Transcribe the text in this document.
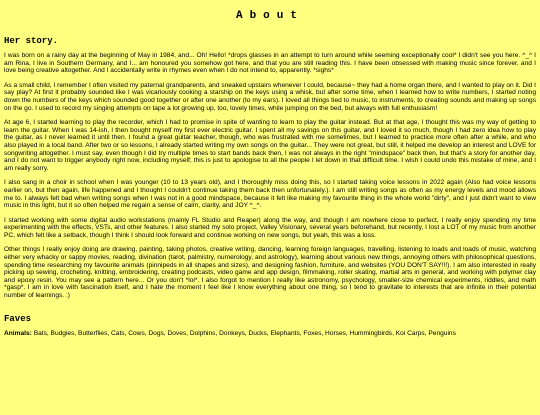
About
Her story.

I was born on a rainy day at the beginning of May in 1984, and... Oh! Hello! *drops glasses in an attempt to turn around while seeming exceptionally cool* I didn't see you here. ^_^ I am Rina, I live in Southern Germany, and I... am honoured you somehow got here, and that you are still reading this. I have been obsessed with making music since forever, and I love being creative altogether. And I accidentally write in rhymes even when I do not intend to, apparently. *sighs*

As a small child, I remember I often visited my paternal grandparents, and sneaked upstairs whenever I could, because~ they had a home organ there, and I wanted to play on it. Did I say play? At first it probably sounded like I was vicariously cooking a starship on the keys using a whisk, but after some time, when I learned how to write numbers, I started noting down the numbers of the keys which sounded good together or after one another (to my ears). I loved all things tied to music, to instruments, to creating sounds and making up songs on the go. I used to record my singing attempts on tape a lot growing up, too, lovely times, while jumping on the bed, but always with full enthusiasm!

At age 6, I started learning to play the recorder, which I had to promise in spite of wanting to learn to play the guitar instead. But at that age, I thought this was my way of getting to learn the guitar. When I was 14-ish, I then bought myself my first ever electric guitar. I spent all my savings on this guitar, and I loved it so much, though I had zero idea how to play the guitar, as I never learned it until then. I found a great guitar teacher, though, who was frustrated with me sometimes, but I learned to practice more often after a while, and who also played in a local band. After two or so lessons, I already started writing my own songs on the guitar... They were not great, but still, it helped me develop an interest and LOVE for songwriting altogether. I must say, even though I did try multiple times to start bands back then, I was not always in the right "mindspace" back then, but that's a story for another day, and I do not want to trigger anybody right now, including myself; this is just to apologise to all the people I let down in that difficult time. I wish I could undo this mistake of mine, and I am really sorry.

I also sang in a choir in school when I was younger (10 to 13 years old), and I thoroughly miss doing this, so I started taking voice lessons in 2022 again (Also had voice lessons earlier on, but then again, life happened and I thought I couldn't continue taking them back then unfortunately.). I am still writing songs as often as my energy levels and mood allows me to. I always felt bad when writing songs when I was not in a good mindspace, because it felt like making my favourite thing in the whole world "dirty", and I just didn't want to view music in this light, but it so often helped me regain a sense of calm, clarity, and JOY ^_^.

I started working with some digital audio workstations (mainly FL Studio and Reaper) along the way, and though I am nowhere close to perfect, I really enjoy spending my time experimenting with the effects, VSTs, and other features. I also started my solo project, Valley Visionary, several years beforehand, but recently, I lost a LOT of my music from another PC, which felt like a setback, though I think I should look forward and continue working on new songs, but yeah, this was a loss.

Other things I really enjoy doing are drawing, painting, taking photos, creative writing, dancing, learning foreign languages, travelling, listening to loads and loads of music, watching either very whacky or sappy movies, reading, divination (tarot, palmistry, numerology, and astrology), learning about various new things, annoying others with philosophical questions, spending time researching my favourite animals (pinnipeds in all shapes and sizes), and designing fashion, furniture, and websites (YOU DON'T SAY!!!). I am also interested in really picking up sewing, crocheting, knitting, embroidering, creating podcasts, video game and app design, filmmaking, roller skating, martial arts in general, and working with polymer clay and epoxy resin. You may see a pattern here... Or you don't *lol*. I also forgot to mention I really like astronomy, psychology, smaller-size chemical experiments, riddles, and math *gasp*. I am in love with fascination itself, and I hate the moment I feel like I know everything about one thing, so I tend to gravitate to interests that are infinite in their potential number of learnings. :)

Faves

Animals: Bats, Budgies, Butterflies, Cats, Cows, Dogs, Doves, Dolphins, Donkeys, Ducks, Elephants, Foxes, Horses, Hummingbirds, Koi Carps, Penguins
